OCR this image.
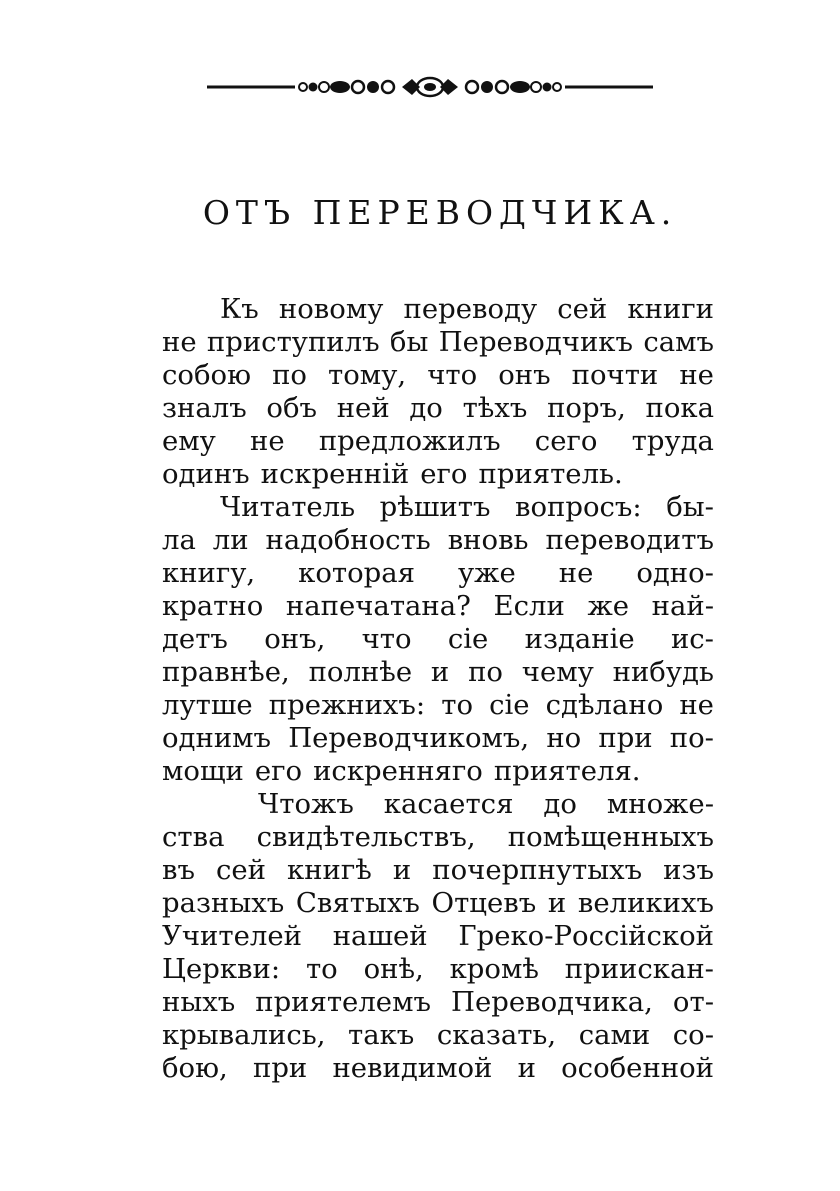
ОТЪ ПЕРЕВОДЧИКА.
Къ новому переводу сей книги
не приступилъ бы Переводчикъ самъ
собою по тому, что онъ почти не
зналъ объ ней до тѣхъ поръ, пока
ему не предложилъ сего труда
одинъ искренній его приятель.
Читатель рѣшитъ вопросъ: бы-
ла ли надобность вновь переводитъ
книгу, которая уже не одно-
кратно напечатана? Если же най-
детъ онъ, что сіе изданіе ис-
правнѣе, полнѣе и по чему нибудь
лутше прежнихъ: то сіе сдѣлано не
однимъ Переводчикомъ, но при по-
мощи его искренняго приятеля.
Чтожъ касается до множе-
ства свидѣтельствъ, помѣщенныхъ
въ сей книгѣ и почерпнутыхъ изъ
разныхъ Святыхъ Отцевъ и великихъ
Учителей нашей Греко-Россійской
Церкви: то онѣ, кромѣ приискан-
ныхъ приятелемъ Переводчика, от-
крывались, такъ сказать, сами со-
бою, при невидимой и особенной
